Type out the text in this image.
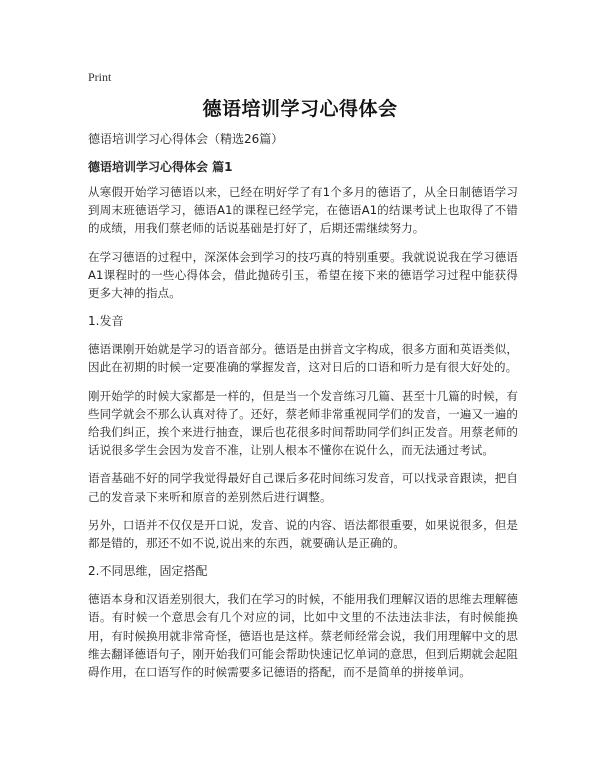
Print
德语培训学习心得体会
德语培训学习心得体会（精选26篇）
德语培训学习心得体会 篇1

从寒假开始学习德语以来，已经在明好学了有1个多月的德语了，从全日制德语学习到周末班德语学习，德语A1的课程已经学完，在德语A1的结课考试上也取得了不错的成绩，用我们蔡老师的话说基础是打好了，后期还需继续努力。

在学习德语的过程中，深深体会到学习的技巧真的特别重要。我就说说我在学习德语A1课程时的一些心得体会，借此抛砖引玉，希望在接下来的德语学习过程中能获得更多大神的指点。

1.发音

德语课刚开始就是学习的语音部分。德语是由拼音文字构成，很多方面和英语类似，因此在初期的时候一定要准确的掌握发音，这对日后的口语和听力是有很大好处的。

刚开始学的时候大家都是一样的，但是当一个发音练习几篇、甚至十几篇的时候，有些同学就会不那么认真对待了。还好，蔡老师非常重视同学们的发音，一遍又一遍的给我们纠正，挨个来进行抽查，课后也花很多时间帮助同学们纠正发音。用蔡老师的话说很多学生会因为发音不准，让别人根本不懂你在说什么，而无法通过考试。

语音基础不好的同学我觉得最好自己课后多花时间练习发音，可以找录音跟读，把自己的发音录下来听和原音的差别然后进行调整。

另外，口语并不仅仅是开口说，发音、说的内容、语法都很重要，如果说很多，但是都是错的，那还不如不说,说出来的东西，就要确认是正确的。

2.不同思维，固定搭配

德语本身和汉语差别很大，我们在学习的时候，不能用我们理解汉语的思维去理解德语。有时候一个意思会有几个对应的词，比如中文里的不法违法非法，有时候能换用，有时候换用就非常奇怪，德语也是这样。蔡老师经常会说，我们用理解中文的思维去翻译德语句子，刚开始我们可能会帮助快速记忆单词的意思，但到后期就会起阻碍作用，在口语写作的时候需要多记德语的搭配，而不是简单的拼接单词。
